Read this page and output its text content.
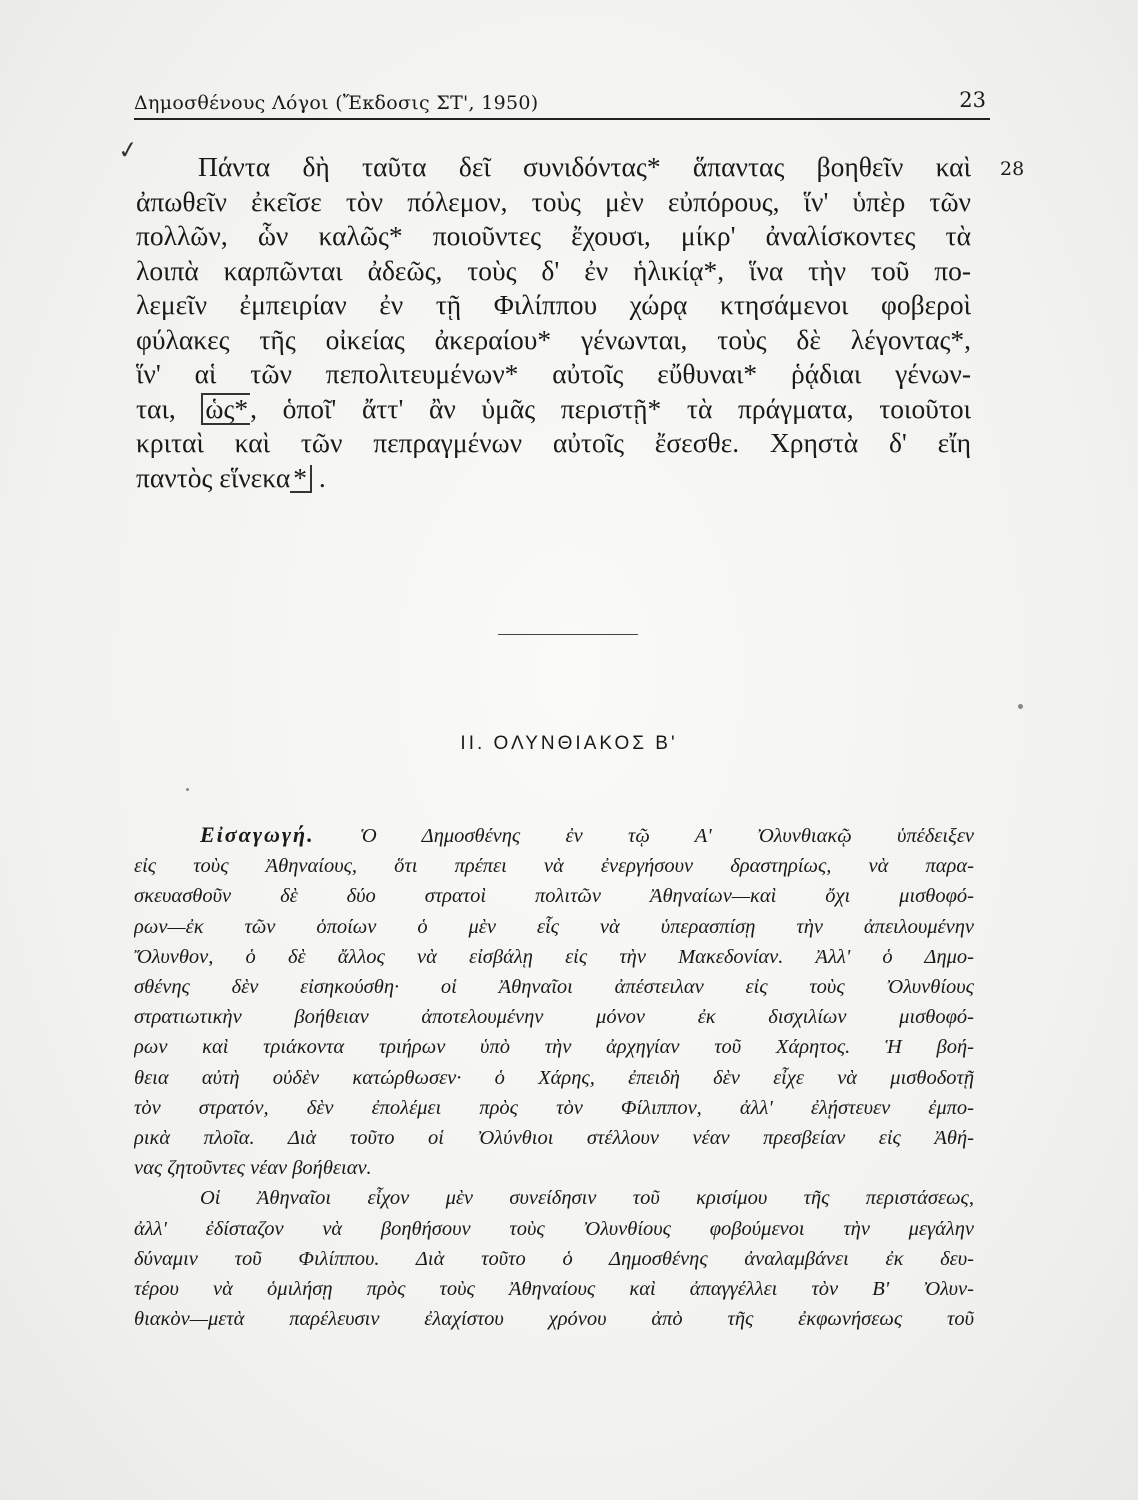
Δημοσθένους Λόγοι (Ἔκδοσις ΣΤ', 1950)	23
✓
28
Πάντα δὴ ταῦτα δεῖ συνιδόντας* ἅπαντας βοηθεῖν καὶ
ἀπωθεῖν ἐκεῖσε τὸν πόλεμον, τοὺς μὲν εὐπόρους, ἵν' ὑπὲρ τῶν
πολλῶν, ὧν καλῶς* ποιοῦντες ἔχουσι, μίκρ' ἀναλίσκοντες τὰ
λοιπὰ καρπῶνται ἀδεῶς, τοὺς δ' ἐν ἡλικίᾳ*, ἵνα τὴν τοῦ πο-
λεμεῖν ἐμπειρίαν ἐν τῇ Φιλίππου χώρᾳ κτησάμενοι φοβεροὶ
φύλακες τῆς οἰκείας ἀκεραίου* γένωνται, τοὺς δὲ λέγοντας*,
ἵν' αἱ τῶν πεπολιτευμένων* αὐτοῖς εὔθυναι* ῥᾴδιαι γένων-
ται, ὡς*, ὁποῖ' ἄττ' ἂν ὑμᾶς περιστῇ* τὰ πράγματα, τοιοῦτοι
κριταὶ καὶ τῶν πεπραγμένων αὐτοῖς ἔσεσθε. Χρηστὰ δ' εἴη
παντὸς εἵνεκα * .
II. ΟΛΥΝΘΙΑΚΟΣ Β'
Εἰσαγωγή. Ὁ Δημοσθένης ἐν τῷ Α' Ὀλυνθιακῷ ὑπέδειξεν
εἰς τοὺς Ἀθηναίους, ὅτι πρέπει νὰ ἐνεργήσουν δραστηρίως, νὰ παρα-
σκευασθοῦν δὲ δύο στρατοὶ πολιτῶν Ἀθηναίων—καὶ ὄχι μισθοφό-
ρων—ἐκ τῶν ὁποίων ὁ μὲν εἷς νὰ ὑπερασπίσῃ τὴν ἀπειλουμένην
Ὄλυνθον, ὁ δὲ ἄλλος νὰ εἰσβάλῃ εἰς τὴν Μακεδονίαν. Ἀλλ' ὁ Δημο-
σθένης δὲν εἰσηκούσθη· οἱ Ἀθηναῖοι ἀπέστειλαν εἰς τοὺς Ὀλυνθίους
στρατιωτικὴν βοήθειαν ἀποτελουμένην μόνον ἐκ δισχιλίων μισθοφό-
ρων καὶ τριάκοντα τριήρων ὑπὸ τὴν ἀρχηγίαν τοῦ Χάρητος. Ἡ βοή-
θεια αὐτὴ οὐδὲν κατώρθωσεν· ὁ Χάρης, ἐπειδὴ δὲν εἶχε νὰ μισθοδοτῇ
τὸν στρατόν, δὲν ἐπολέμει πρὸς τὸν Φίλιππον, ἀλλ' ἐλῄστευεν ἐμπο-
ρικὰ πλοῖα. Διὰ τοῦτο οἱ Ὀλύνθιοι στέλλουν νέαν πρεσβείαν εἰς Ἀθή-
νας ζητοῦντες νέαν βοήθειαν.
Οἱ Ἀθηναῖοι εἶχον μὲν συνείδησιν τοῦ κρισίμου τῆς περιστάσεως,
ἀλλ' ἐδίσταζον νὰ βοηθήσουν τοὺς Ὀλυνθίους φοβούμενοι τὴν μεγάλην
δύναμιν τοῦ Φιλίππου. Διὰ τοῦτο ὁ Δημοσθένης ἀναλαμβάνει ἐκ δευ-
τέρου νὰ ὁμιλήσῃ πρὸς τοὺς Ἀθηναίους καὶ ἀπαγγέλλει τὸν Β' Ὀλυν-
θιακὸν—μετὰ παρέλευσιν ἐλαχίστου χρόνου ἀπὸ τῆς ἐκφωνήσεως τοῦ
